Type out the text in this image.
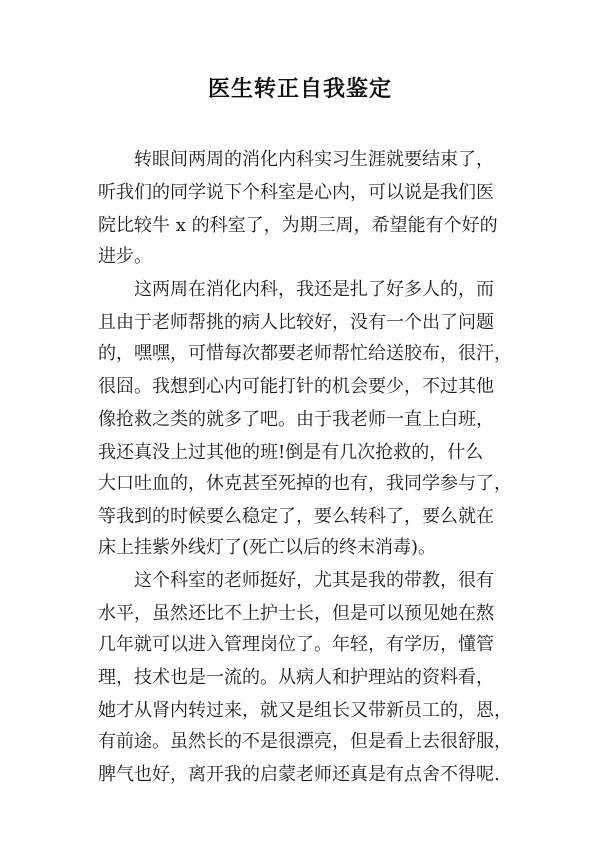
医生转正自我鉴定
转眼间两周的消化内科实习生涯就要结束了，
听我们的同学说下个科室是心内，可以说是我们医
院比较牛 x 的科室了，为期三周，希望能有个好的
进步。
这两周在消化内科，我还是扎了好多人的，而
且由于老师帮挑的病人比较好，没有一个出了问题
的，嘿嘿，可惜每次都要老师帮忙给送胶布，很汗，
很囧。我想到心内可能打针的机会要少，不过其他
像抢救之类的就多了吧。由于我老师一直上白班，
我还真没上过其他的班!倒是有几次抢救的，什么
大口吐血的，休克甚至死掉的也有，我同学参与了，
等我到的时候要么稳定了，要么转科了，要么就在
床上挂紫外线灯了(死亡以后的终末消毒)。
这个科室的老师挺好，尤其是我的带教，很有
水平，虽然还比不上护士长，但是可以预见她在熬
几年就可以进入管理岗位了。年轻，有学历，懂管
理，技术也是一流的。从病人和护理站的资料看，
她才从肾内转过来，就又是组长又带新员工的，恩，
有前途。虽然长的不是很漂亮，但是看上去很舒服，
脾气也好，离开我的启蒙老师还真是有点舍不得呢.
